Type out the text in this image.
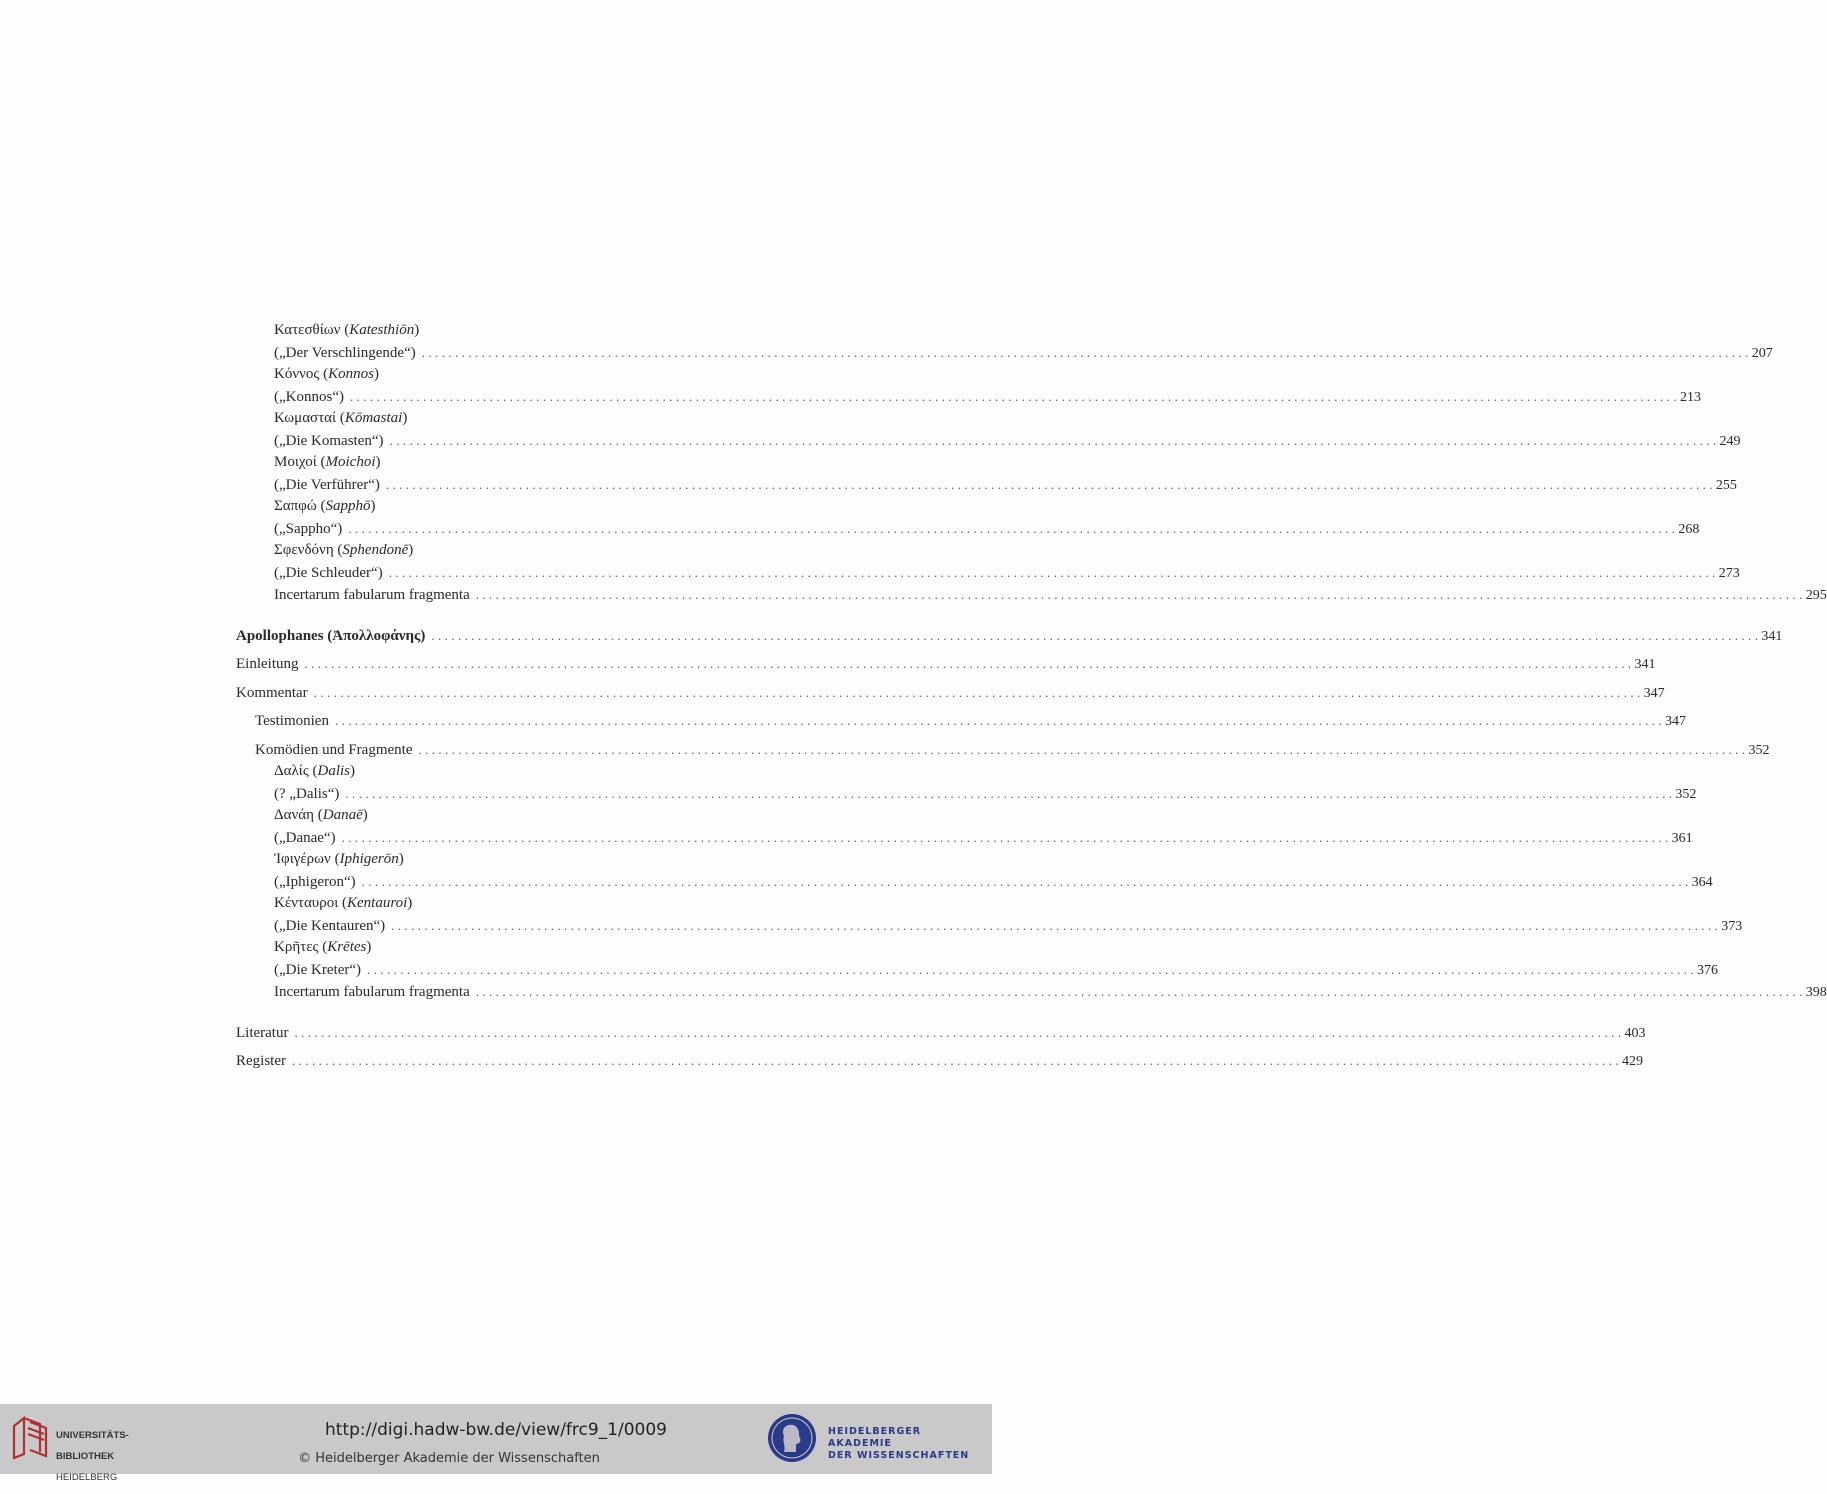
Κατεσθίων (Katesthiōn)
(„Der Verschlingende“) ........................................................................................................................................................................................................ 207
Κόννος (Konnos)
(„Konnos“) ........................................................................................................................................................................................................ 213
Κωμασταί (Kōmastai)
(„Die Komasten“) ........................................................................................................................................................................................................ 249
Μοιχοί (Moichoi)
(„Die Verführer“) ........................................................................................................................................................................................................ 255
Σαπφώ (Sapphō)
(„Sappho“) ........................................................................................................................................................................................................ 268
Σφενδόνη (Sphendonē)
(„Die Schleuder“) ........................................................................................................................................................................................................ 273
Incertarum fabularum fragmenta ........................................................................................................................................................................................................ 295
Apollophanes (Ἀπολλοφάνης) ........................................................................................................................................................................................................ 341
Einleitung ........................................................................................................................................................................................................ 341
Kommentar ........................................................................................................................................................................................................ 347
Testimonien ........................................................................................................................................................................................................ 347
Komödien und Fragmente ........................................................................................................................................................................................................ 352
Δαλίς (Dalis)
(? „Dalis“) ........................................................................................................................................................................................................ 352
Δανάη (Danaē)
(„Danae“) ........................................................................................................................................................................................................ 361
Ἰφιγέρων (Iphigerōn)
(„Iphigeron“) ........................................................................................................................................................................................................ 364
Κένταυροι (Kentauroi)
(„Die Kentauren“) ........................................................................................................................................................................................................ 373
Κρῆτες (Krētes)
(„Die Kreter“) ........................................................................................................................................................................................................ 376
Incertarum fabularum fragmenta ........................................................................................................................................................................................................ 398
Literatur ........................................................................................................................................................................................................ 403
Register ........................................................................................................................................................................................................ 429

UNIVERSITÄTS-

BIBLIOTHEK

HEIDELBERG

http://digi.hadw-bw.de/view/frc9_1/0009
© Heidelberger Akademie der Wissenschaften
HEIDELBERGER AKADEMIE
DER WISSENSCHAFTEN
